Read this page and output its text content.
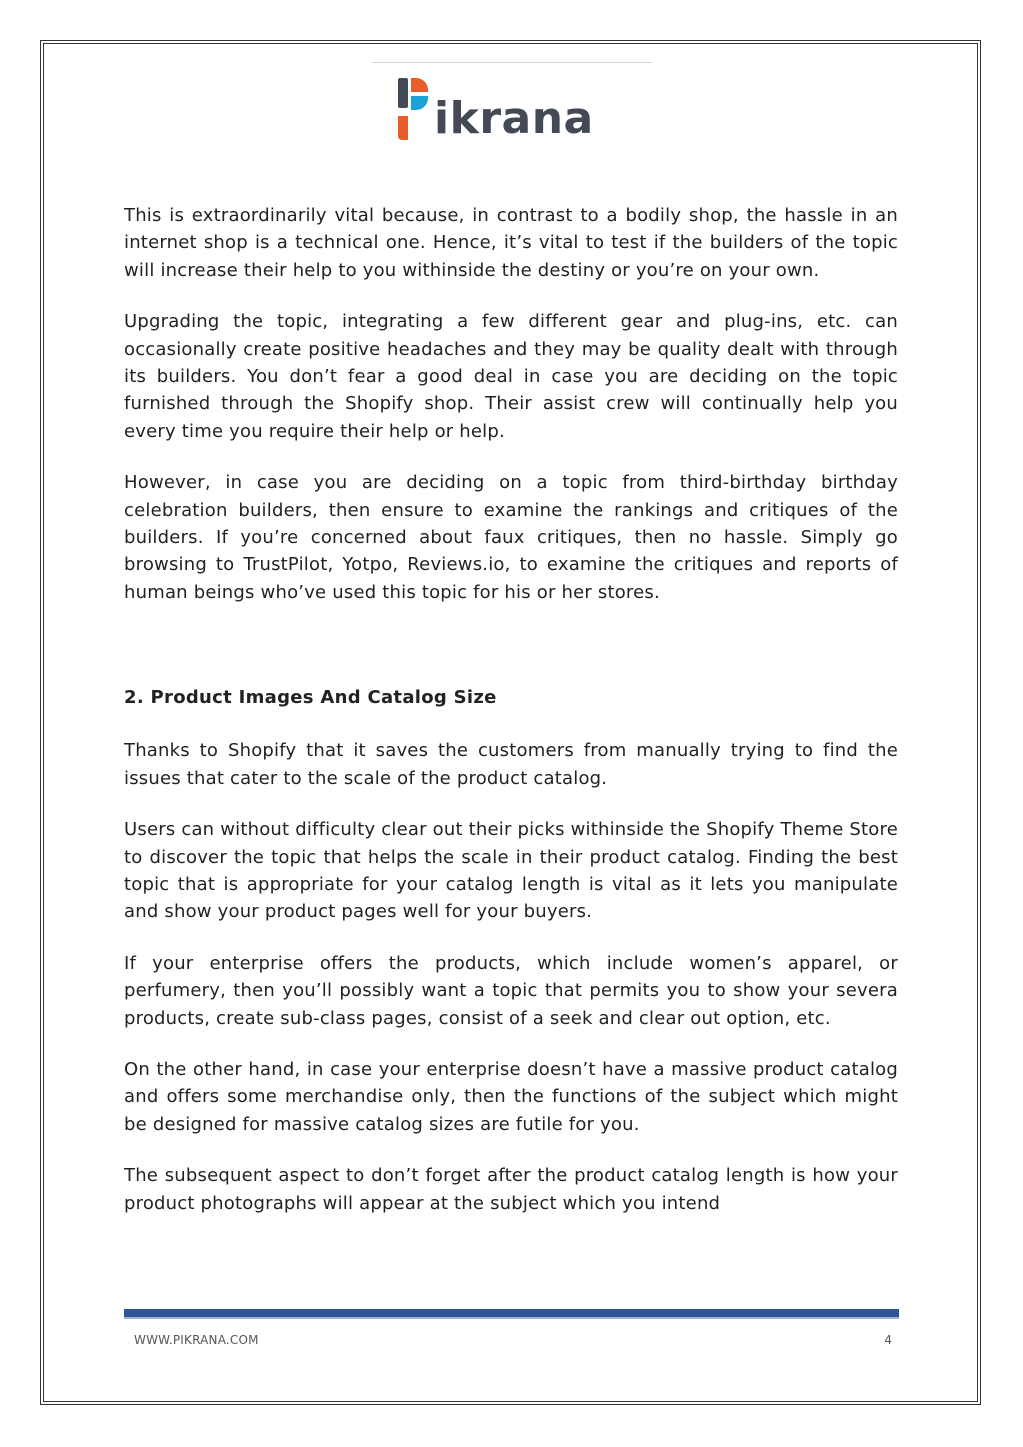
ikrana

This is extraordinarily vital because, in contrast to a bodily shop, the hassle in an internet shop is a technical one. Hence, it’s vital to test if the builders of the topic will increase their help to you withinside the destiny or you’re on your own.

Upgrading the topic, integrating a few different gear and plug-ins, etc. can occasionally create positive headaches and they may be quality dealt with through its builders. You don’t fear a good deal in case you are deciding on the topic furnished through the Shopify shop. Their assist crew will continually help you every time you require their help or help.

However, in case you are deciding on a topic from third-birthday birthday celebration builders, then ensure to examine the rankings and critiques of the builders. If you’re concerned about faux critiques, then no hassle. Simply go browsing to TrustPilot, Yotpo, Reviews.io, to examine the critiques and reports of human beings who’ve used this topic for his or her stores.

2. Product Images And Catalog Size

Thanks to Shopify that it saves the customers from manually trying to find the issues that cater to the scale of the product catalog.

Users can without difficulty clear out their picks withinside the Shopify Theme Store to discover the topic that helps the scale in their product catalog. Finding the best topic that is appropriate for your catalog length is vital as it lets you manipulate and show your product pages well for your buyers.

If your enterprise offers the products, which include women’s apparel, or perfumery, then you’ll possibly want a topic that permits you to show your severa products, create sub-class pages, consist of a seek and clear out option, etc.

On the other hand, in case your enterprise doesn’t have a massive product catalog and offers some merchandise only, then the functions of the subject which might be designed for massive catalog sizes are futile for you.

The subsequent aspect to don’t forget after the product catalog length is how your product photographs will appear at the subject which you intend

WWW.PIKRANA.COM	4
